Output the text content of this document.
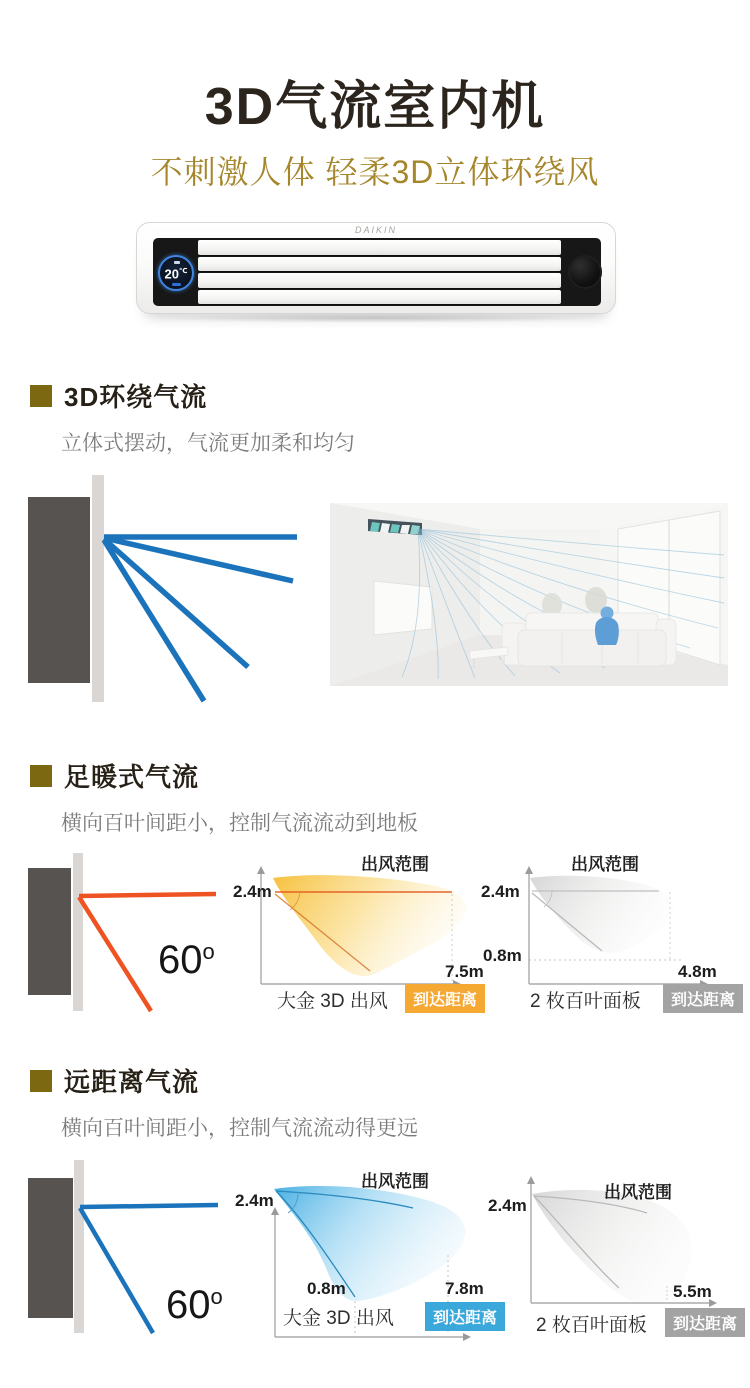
3D气流室内机
不刺激人体 轻柔3D立体环绕风
DAIKIN
20℃
3D环绕气流
立体式摆动，气流更加柔和均匀
足暖式气流
横向百叶间距小，控制气流流动到地板
60$^o$
出风范围
2.4m
7.5m
大金 3D 出风	到达距离
出风范围
2.4m
0.8m
4.8m
2 枚百叶面板	到达距离
远距离气流
横向百叶间距小，控制气流流动得更远
60$^o$
出风范围
2.4m
0.8m	7.8m
大金 3D 出风	到达距离
出风范围
2.4m
5.5m
2 枚百叶面板	到达距离
